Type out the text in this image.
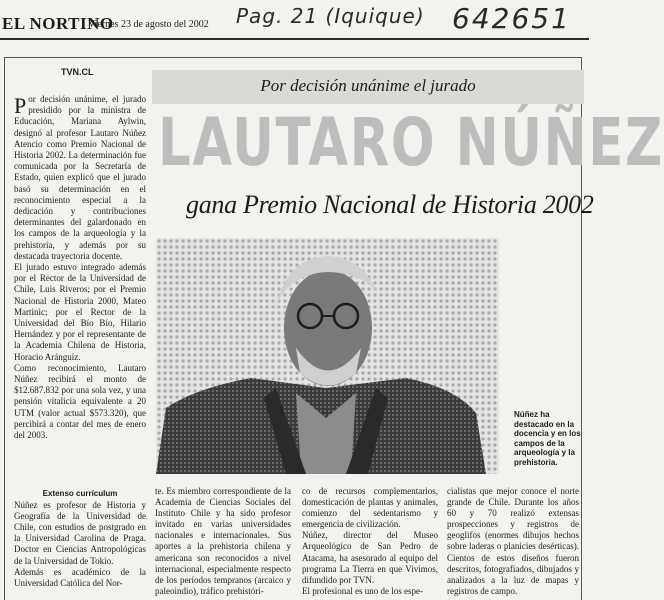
EL NORTINO
Viernes 23 de agosto del 2002 Pag. 21 (Iquique) 642651
TVN.CL
Por decisión unánime el jurado
LAUTARO NÚÑEZ
gana Premio Nacional de Historia 2002

Por decisión unánime, el jurado presidido por la ministra de Educación, Mariana Aylwin, designó al profesor Lautaro Núñez Atencio como Premio Nacional de Historia 2002. La determinación fue comunicada por la Secretaría de Estado, quien explicó que el jurado basó su determinación en el reconocimiento especial a la dedicación y contribuciones determinantes del galardonado en los campos de la arqueología y la prehistoria, y además por su destacada trayectoria docente.

El jurado estuvo integrado además por el Rector de la Universidad de Chile, Luis Riveros; por el Premio Nacional de Historia 2000, Mateo Martinic; por el Rector de la Universidad del Bío Bío, Hilario Hernández y por el representante de la Academia Chilena de Historia, Horacio Aránguiz.

Como reconocimiento, Lautaro Núñez recibirá el monto de $12.687.832 por una sola vez, y una pensión vitalicia equivalente a 20 UTM (valor actual $573.320), que percibirá a contar del mes de enero del 2003.

Núñez ha destacado en la docencia y en los campos de la arqueología y la prehistoria.
Extenso currículum

Núñez es profesor de Historia y Geografía de la Universidad de Chile, con estudios de postgrado en la Universidad Carolina de Praga. Doctor en Ciencias Antropológicas de la Universidad de Tokio.

Además es académico de la Universidad Católica del Nor-

te. Es miembro correspondiente de la Academia de Ciencias Sociales del Instituto Chile y ha sido profesor invitado en varias universidades nacionales e internacionales. Sus aportes a la prehistoria chilena y americana son reconocidos a nivel internacional, especialmente respecto de los períodos tempranos (arcaico y paleoindio), tráfico prehistóri-

co de recursos complementarios, domesticación de plantas y animales, comienzo del sedentarismo y emergencia de civilización.

Núñez, director del Museo Arqueológico de San Pedro de Atacama, ha asesorado al equipo del programa La Tierra en que Vivimos, difundido por TVN.

El profesional es uno de los espe-

cialistas que mejor conoce el norte grande de Chile. Durante los años 60 y 70 realizó extensas prospecciones y registros de geoglifos (enormes dibujos hechos sobre laderas o planicies desérticas). Cientos de estos diseños fueron descritos, fotografiados, dibujados y analizados a la luz de mapas y registros de campo.
